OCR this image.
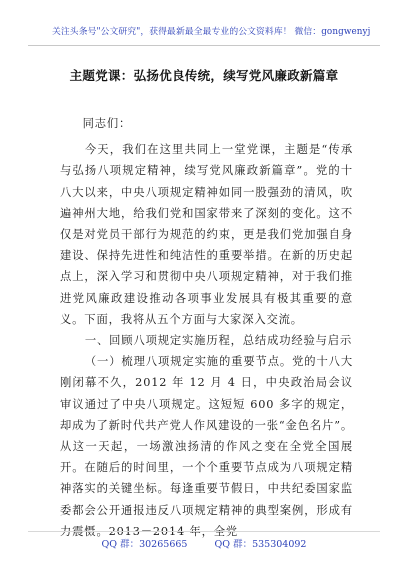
关注头条号"公文研究"，获得最新最全最专业的公文资料库！ 微信：gongwenyj
主题党课：弘扬优良传统，续写党风廉政新篇章

同志们：

今天，我们在这里共同上一堂党课，主题是“传承与弘扬八项规定精神，续写党风廉政新篇章”。党的十八大以来，中央八项规定精神如同一股强劲的清风，吹遍神州大地，给我们党和国家带来了深刻的变化。这不仅是对党员干部行为规范的约束，更是我们党加强自身建设、保持先进性和纯洁性的重要举措。在新的历史起点上，深入学习和贯彻中央八项规定精神，对于我们推进党风廉政建设推动各项事业发展具有极其重要的意义。下面，我将从五个方面与大家深入交流。

一、回顾八项规定实施历程，总结成功经验与启示

（一）梳理八项规定实施的重要节点。党的十八大刚闭幕不久，2012 年 12 月 4 日，中央政治局会议审议通过了中央八项规定。这短短 600 多字的规定，却成为了新时代共产党人作风建设的一张“金色名片”。从这一天起，一场激浊扬清的作风之变在全党全国展开。在随后的时间里，一个个重要节点成为八项规定精神落实的关键坐标。每逢重要节假日，中共纪委国家监委都会公开通报违反八项规定精神的典型案例，形成有力震慑。2013－2014 年，全党

QQ 群：30265665	QQ 群：535304092
